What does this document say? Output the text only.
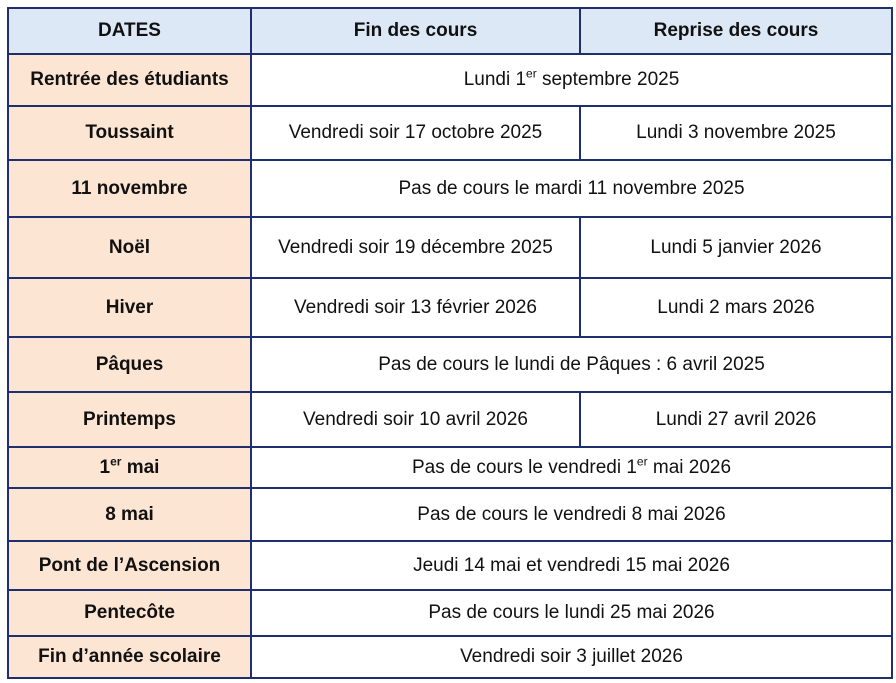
DATES	Fin des cours	Reprise des cours
Rentrée des étudiants	Lundi 1er septembre 2025	
Toussaint	Vendredi soir 17 octobre 2025	Lundi 3 novembre 2025
11 novembre	Pas de cours le mardi 11 novembre 2025	
Noël	Vendredi soir 19 décembre 2025	Lundi 5 janvier 2026
Hiver	Vendredi soir 13 février 2026	Lundi 2 mars 2026
Pâques	Pas de cours le lundi de Pâques : 6 avril 2025	
Printemps	Vendredi soir 10 avril 2026	Lundi 27 avril 2026
1er mai	Pas de cours le vendredi 1er mai 2026	
8 mai	Pas de cours le vendredi 8 mai 2026	
Pont de l’Ascension	Jeudi 14 mai et vendredi 15 mai 2026	
Pentecôte	Pas de cours le lundi 25 mai 2026	
Fin d’année scolaire	Vendredi soir 3 juillet 2026	
